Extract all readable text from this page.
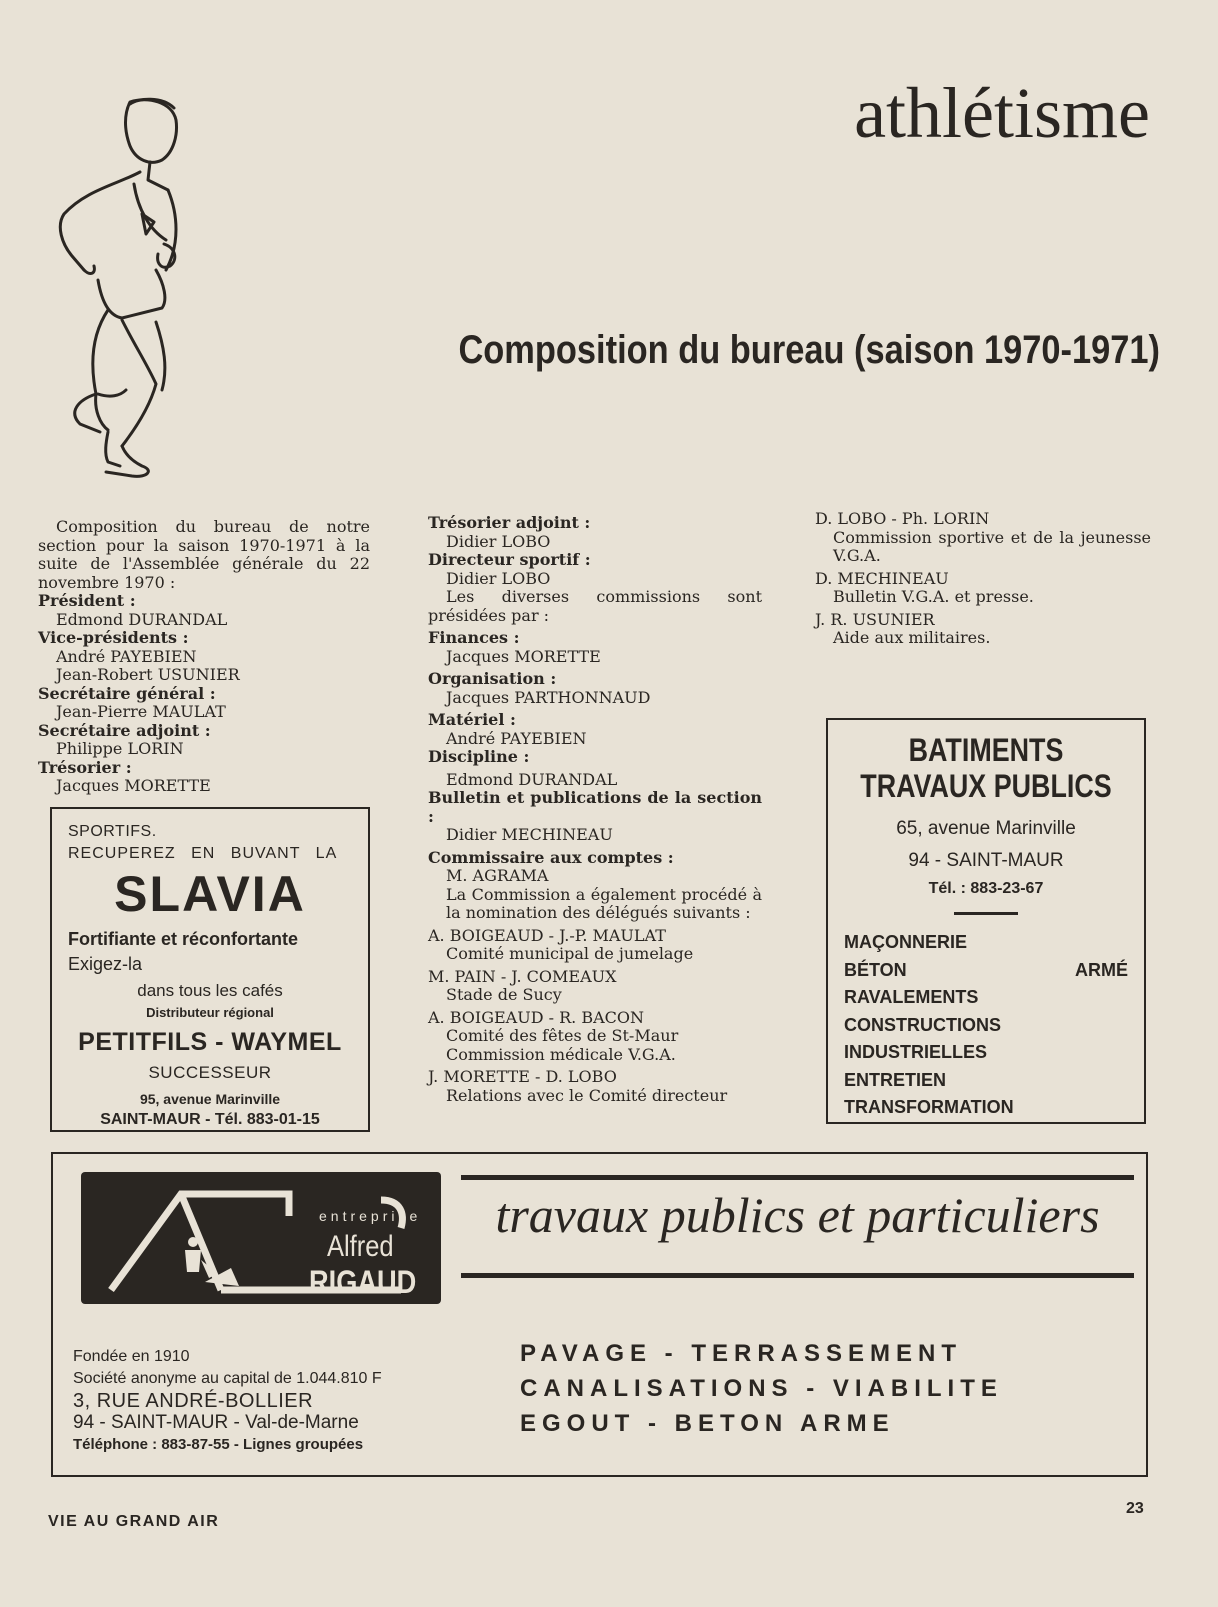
athlétisme
Composition du bureau (saison 1970-1971)

Composition du bureau de notre section pour la saison 1970-1971 à la suite de l'Assemblée générale du 22 novembre 1970 :

Président :

Edmond DURANDAL

Vice-présidents :

André PAYEBIEN

Jean-Robert USUNIER

Secrétaire général :

Jean-Pierre MAULAT

Secrétaire adjoint :

Philippe LORIN

Trésorier :

Jacques MORETTE

Trésorier adjoint :

Didier LOBO

Directeur sportif :

Didier LOBO

Les diverses commissions sont présidées par :

Finances :

Jacques MORETTE

Organisation :

Jacques PARTHONNAUD

Matériel :

André PAYEBIEN

Discipline :

Edmond DURANDAL

Bulletin et publications de la section :

Didier MECHINEAU

Commissaire aux comptes :

M. AGRAMA

La Commission a également procédé à la nomination des délégués suivants :

A. BOIGEAUD - J.-P. MAULAT

Comité municipal de jumelage

M. PAIN - J. COMEAUX

Stade de Sucy

A. BOIGEAUD - R. BACON

Comité des fêtes de St-Maur

Commission médicale V.G.A.

J. MORETTE - D. LOBO

Relations avec le Comité directeur

D. LOBO - Ph. LORIN

Commission sportive et de la jeunesse V.G.A.

D. MECHINEAU

Bulletin V.G.A. et presse.

J. R. USUNIER

Aide aux militaires.

SPORTIFS.
RECUPEREZ EN BUVANT LA
SLAVIA
Fortifiante et réconfortante
Exigez-la
dans tous les cafés
Distributeur régional
PETITFILS - WAYMEL
SUCCESSEUR
95, avenue Marinville
SAINT-MAUR - Tél. 883-01-15
BATIMENTS
TRAVAUX PUBLICS
65, avenue Marinville
94 - SAINT-MAUR
Tél. : 883-23-67
MAÇONNERIE
BÉTON ARMÉ
RAVALEMENTS
CONSTRUCTIONS
INDUSTRIELLES
ENTRETIEN
TRANSFORMATION
entreprise
Alfred
RIGAUD
travaux publics et particuliers
Fondée en 1910
Société anonyme au capital de 1.044.810 F
3, RUE ANDRÉ-BOLLIER
94 - SAINT-MAUR - Val-de-Marne
Téléphone : 883-87-55 - Lignes groupées
PAVAGE - TERRASSEMENT
CANALISATIONS - VIABILITE
EGOUT - BETON ARME
VIE AU GRAND AIR
23
